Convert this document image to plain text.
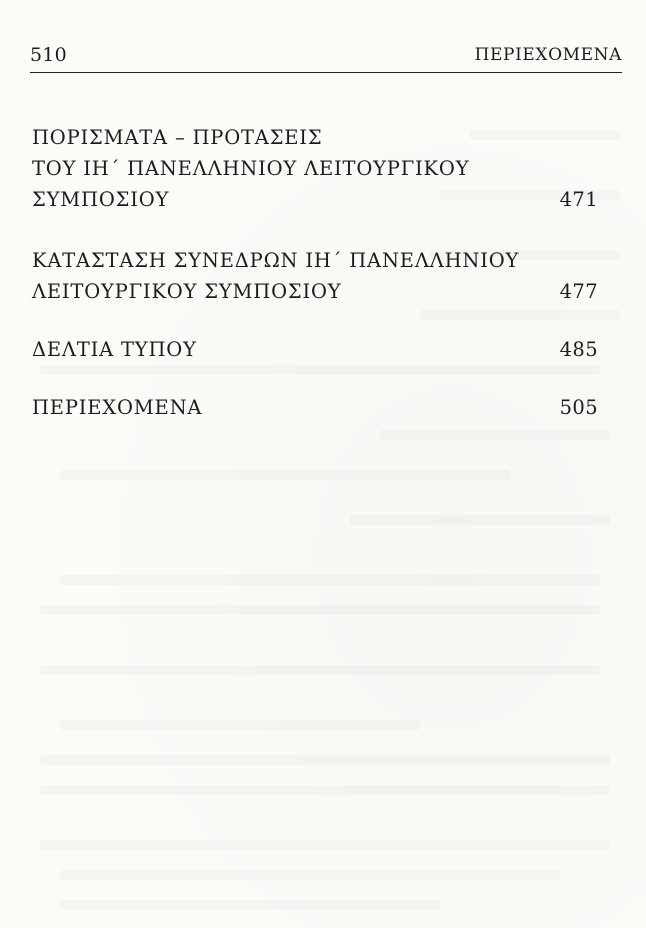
510	ΠΕΡΙΕΧΟΜΕΝΑ
ΠΟΡΙΣΜΑΤΑ – ΠΡΟΤΑΣΕΙΣ
ΤΟΥ ΙΗ΄ ΠΑΝΕΛΛΗΝΙΟΥ ΛΕΙΤΟΥΡΓΙΚΟΥ
ΣΥΜΠΟΣΙΟΥ	471
ΚΑΤΑΣΤΑΣΗ ΣΥΝΕΔΡΩΝ ΙΗ΄ ΠΑΝΕΛΛΗΝΙΟΥ
ΛΕΙΤΟΥΡΓΙΚΟΥ ΣΥΜΠΟΣΙΟΥ	477
ΔΕΛΤΙΑ ΤΥΠΟΥ	485
ΠΕΡΙΕΧΟΜΕΝΑ	505
